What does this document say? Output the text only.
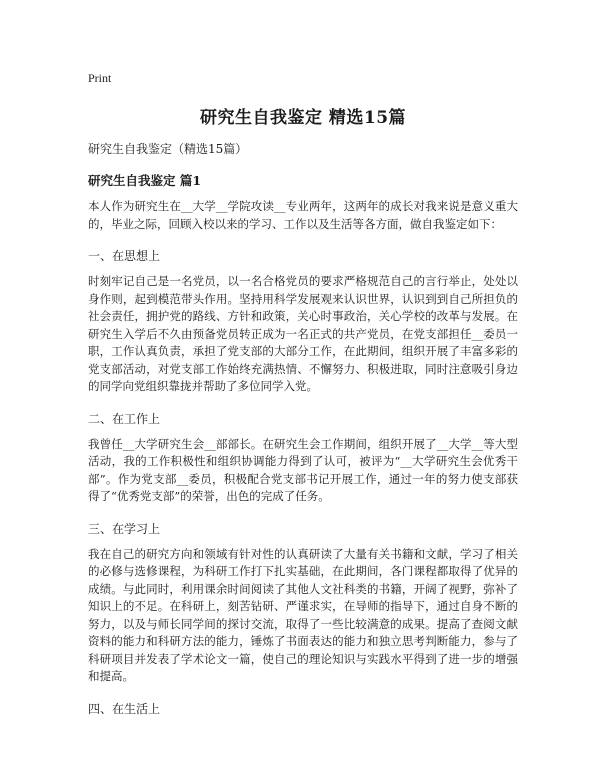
Print
研究生自我鉴定 精选15篇
研究生自我鉴定（精选15篇）
研究生自我鉴定 篇1

本人作为研究生在__大学__学院攻读__专业两年，这两年的成长对我来说是意义重大的，毕业之际，回顾入校以来的学习、工作以及生活等各方面，做自我鉴定如下：

一、在思想上

时刻牢记自己是一名党员，以一名合格党员的要求严格规范自己的言行举止，处处以身作则，起到模范带头作用。坚持用科学发展观来认识世界，认识到到自己所担负的社会责任，拥护党的路线、方针和政策，关心时事政治，关心学校的改革与发展。在研究生入学后不久由预备党员转正成为一名正式的共产党员，在党支部担任__委员一职，工作认真负责，承担了党支部的大部分工作，在此期间，组织开展了丰富多彩的党支部活动，对党支部工作始终充满热情、不懈努力、积极进取，同时注意吸引身边的同学向党组织靠拢并帮助了多位同学入党。

二、在工作上

我曾任__大学研究生会__部部长。在研究生会工作期间，组织开展了__大学__等大型活动，我的工作积极性和组织协调能力得到了认可，被评为“__大学研究生会优秀干部”。作为党支部__委员，积极配合党支部书记开展工作，通过一年的努力使支部获得了“优秀党支部”的荣誉，出色的完成了任务。

三、在学习上

我在自己的研究方向和领域有针对性的认真研读了大量有关书籍和文献，学习了相关的必修与选修课程，为科研工作打下扎实基础，在此期间，各门课程都取得了优异的成绩。与此同时，利用课余时间阅读了其他人文社科类的书籍，开阔了视野，弥补了知识上的不足。在科研上，刻苦钻研、严谨求实，在导师的指导下，通过自身不断的努力，以及与师长同学间的探讨交流，取得了一些比较满意的成果。提高了查阅文献资料的能力和科研方法的能力，锤炼了书面表达的能力和独立思考判断能力，参与了科研项目并发表了学术论文一篇，使自己的理论知识与实践水平得到了进一步的增强和提高。

四、在生活上
